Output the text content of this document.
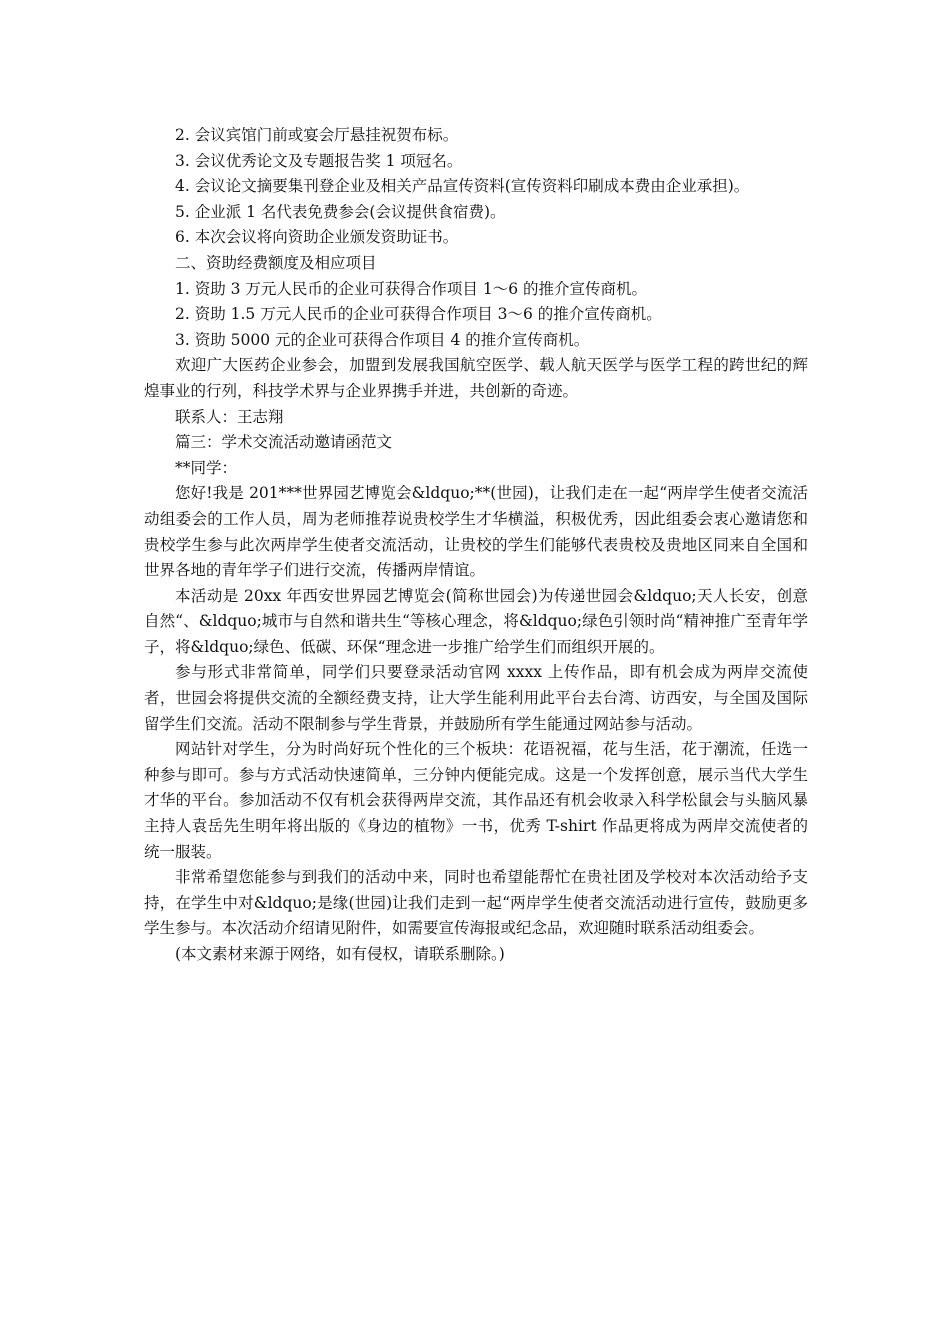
2. 会议宾馆门前或宴会厅悬挂祝贺布标。

3. 会议优秀论文及专题报告奖 1 项冠名。

4. 会议论文摘要集刊登企业及相关产品宣传资料(宣传资料印刷成本费由企业承担)。

5. 企业派 1 名代表免费参会(会议提供食宿费)。

6. 本次会议将向资助企业颁发资助证书。

二、资助经费额度及相应项目

1. 资助 3 万元人民币的企业可获得合作项目 1～6 的推介宣传商机。

2. 资助 1.5 万元人民币的企业可获得合作项目 3～6 的推介宣传商机。

3. 资助 5000 元的企业可获得合作项目 4 的推介宣传商机。

欢迎广大医药企业参会，加盟到发展我国航空医学、载人航天医学与医学工程的跨世纪的辉煌事业的行列，科技学术界与企业界携手并进，共创新的奇迹。

联系人：王志翔

篇三：学术交流活动邀请函范文

**同学：

您好!我是 201***世界园艺博览会&ldquo;**(世园)，让我们走在一起“两岸学生使者交流活动组委会的工作人员，周为老师推荐说贵校学生才华横溢，积极优秀，因此组委会衷心邀请您和贵校学生参与此次两岸学生使者交流活动，让贵校的学生们能够代表贵校及贵地区同来自全国和世界各地的青年学子们进行交流，传播两岸情谊。

本活动是 20xx 年西安世界园艺博览会(简称世园会)为传递世园会&ldquo;天人长安，创意自然“、&ldquo;城市与自然和谐共生“等核心理念，将&ldquo;绿色引领时尚“精神推广至青年学子，将&ldquo;绿色、低碳、环保“理念进一步推广给学生们而组织开展的。

参与形式非常简单，同学们只要登录活动官网 xxxx 上传作品，即有机会成为两岸交流使者，世园会将提供交流的全额经费支持，让大学生能利用此平台去台湾、访西安，与全国及国际留学生们交流。活动不限制参与学生背景，并鼓励所有学生能通过网站参与活动。

网站针对学生，分为时尚好玩个性化的三个板块：花语祝福，花与生活，花于潮流，任选一种参与即可。参与方式活动快速简单，三分钟内便能完成。这是一个发挥创意，展示当代大学生才华的平台。参加活动不仅有机会获得两岸交流，其作品还有机会收录入科学松鼠会与头脑风暴主持人袁岳先生明年将出版的《身边的植物》一书，优秀 T-shirt 作品更将成为两岸交流使者的统一服装。

非常希望您能参与到我们的活动中来，同时也希望能帮忙在贵社团及学校对本次活动给予支持，在学生中对&ldquo;是缘(世园)让我们走到一起“两岸学生使者交流活动进行宣传，鼓励更多学生参与。本次活动介绍请见附件，如需要宣传海报或纪念品，欢迎随时联系活动组委会。

(本文素材来源于网络，如有侵权，请联系删除。)
